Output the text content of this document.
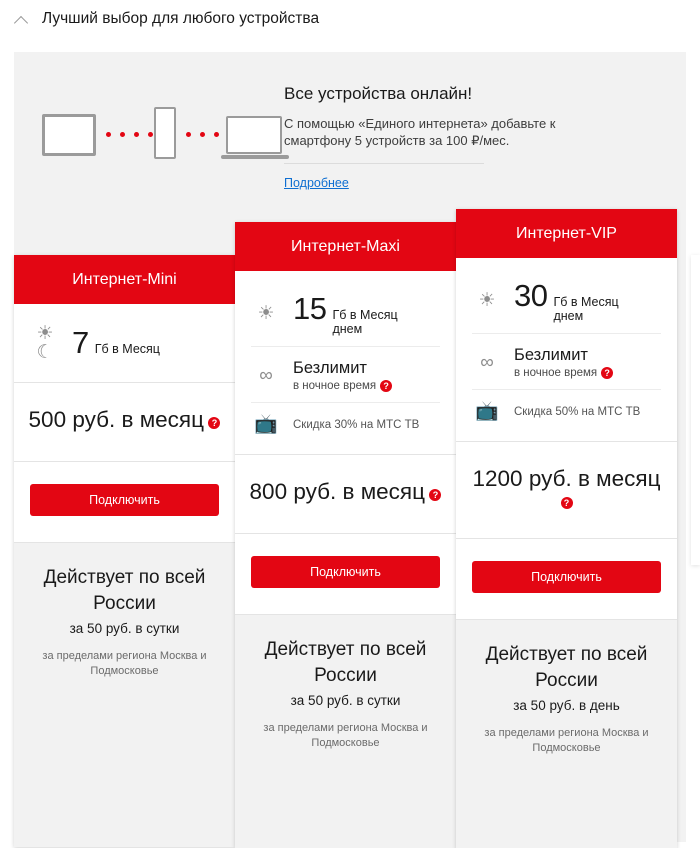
Лучший выбор для любого устройства
Все устройства онлайн!
С помощью «Единого интернета» добавьте к смартфону 5 устройств за 100 ₽/мес.
Подробнее
Интернет-Mini
☀☾ 7 Гб в Месяц
500 руб. в месяц ?
Подключить
Действует по всей России
за 50 руб. в сутки
за пределами региона Москва и Подмосковье
Интернет-Maxi
☀ 15 Гб в Месяц
днем
∞	Безлимит
в ночное время ?
📺 Скидка 30% на МТС ТВ
800 руб. в месяц ?
Подключить
Действует по всей России
за 50 руб. в сутки
за пределами региона Москва и Подмосковье
Интернет-VIP
☀ 30 Гб в Месяц
днем
∞	Безлимит
в ночное время ?
📺 Скидка 50% на МТС ТВ
1200 руб. в месяц ?
Подключить
Действует по всей России
за 50 руб. в день
за пределами региона Москва и Подмосковье
